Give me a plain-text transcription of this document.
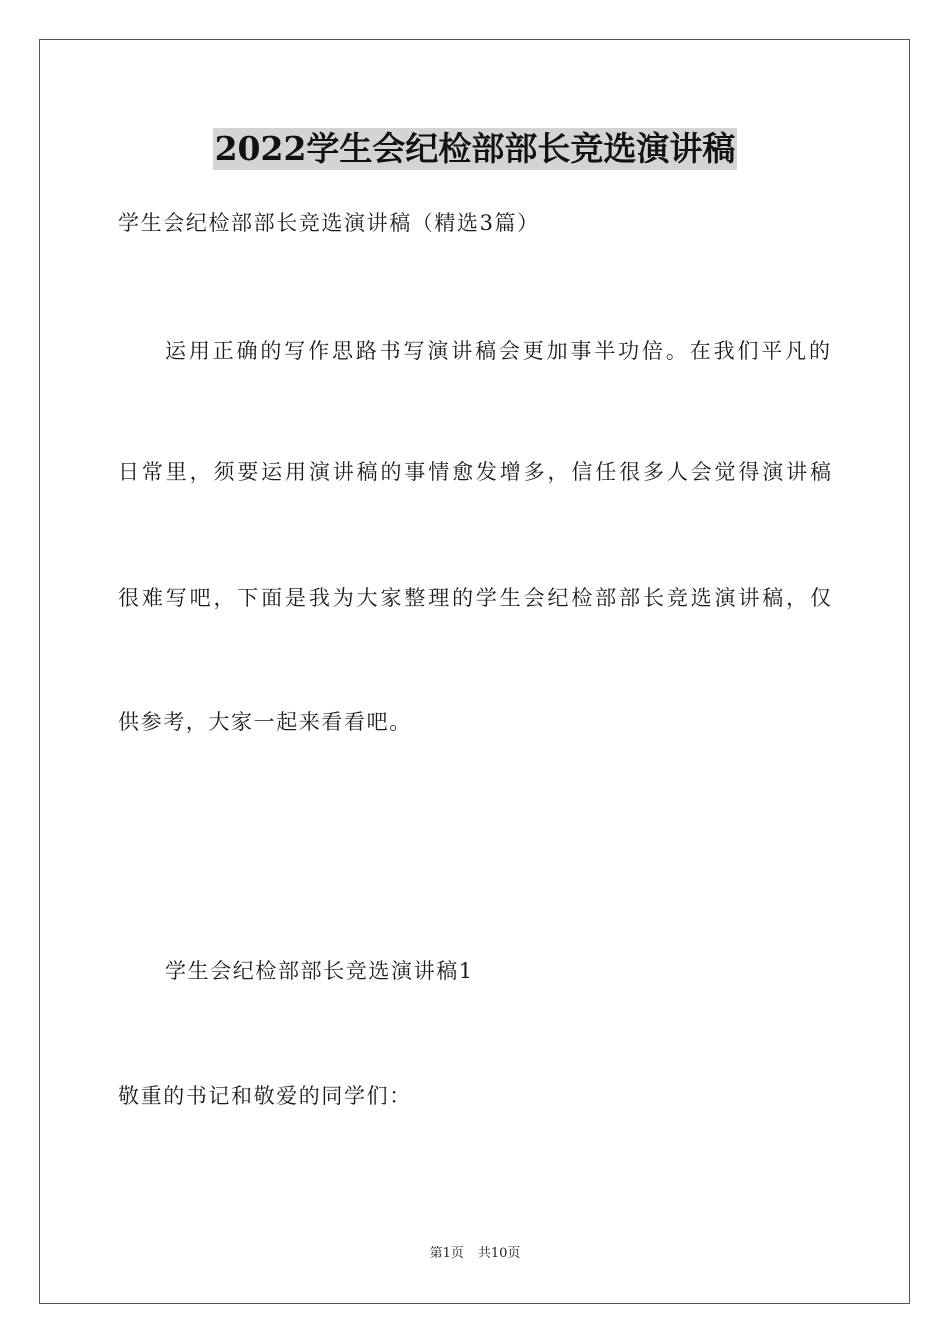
2022学生会纪检部部长竞选演讲稿
学生会纪检部部长竞选演讲稿（精选3篇）
运用正确的写作思路书写演讲稿会更加事半功倍。在我们平凡的
日常里，须要运用演讲稿的事情愈发增多，信任很多人会觉得演讲稿
很难写吧，下面是我为大家整理的学生会纪检部部长竞选演讲稿，仅
供参考，大家一起来看看吧。
学生会纪检部部长竞选演讲稿1
敬重的书记和敬爱的同学们：
第1页 共10页
